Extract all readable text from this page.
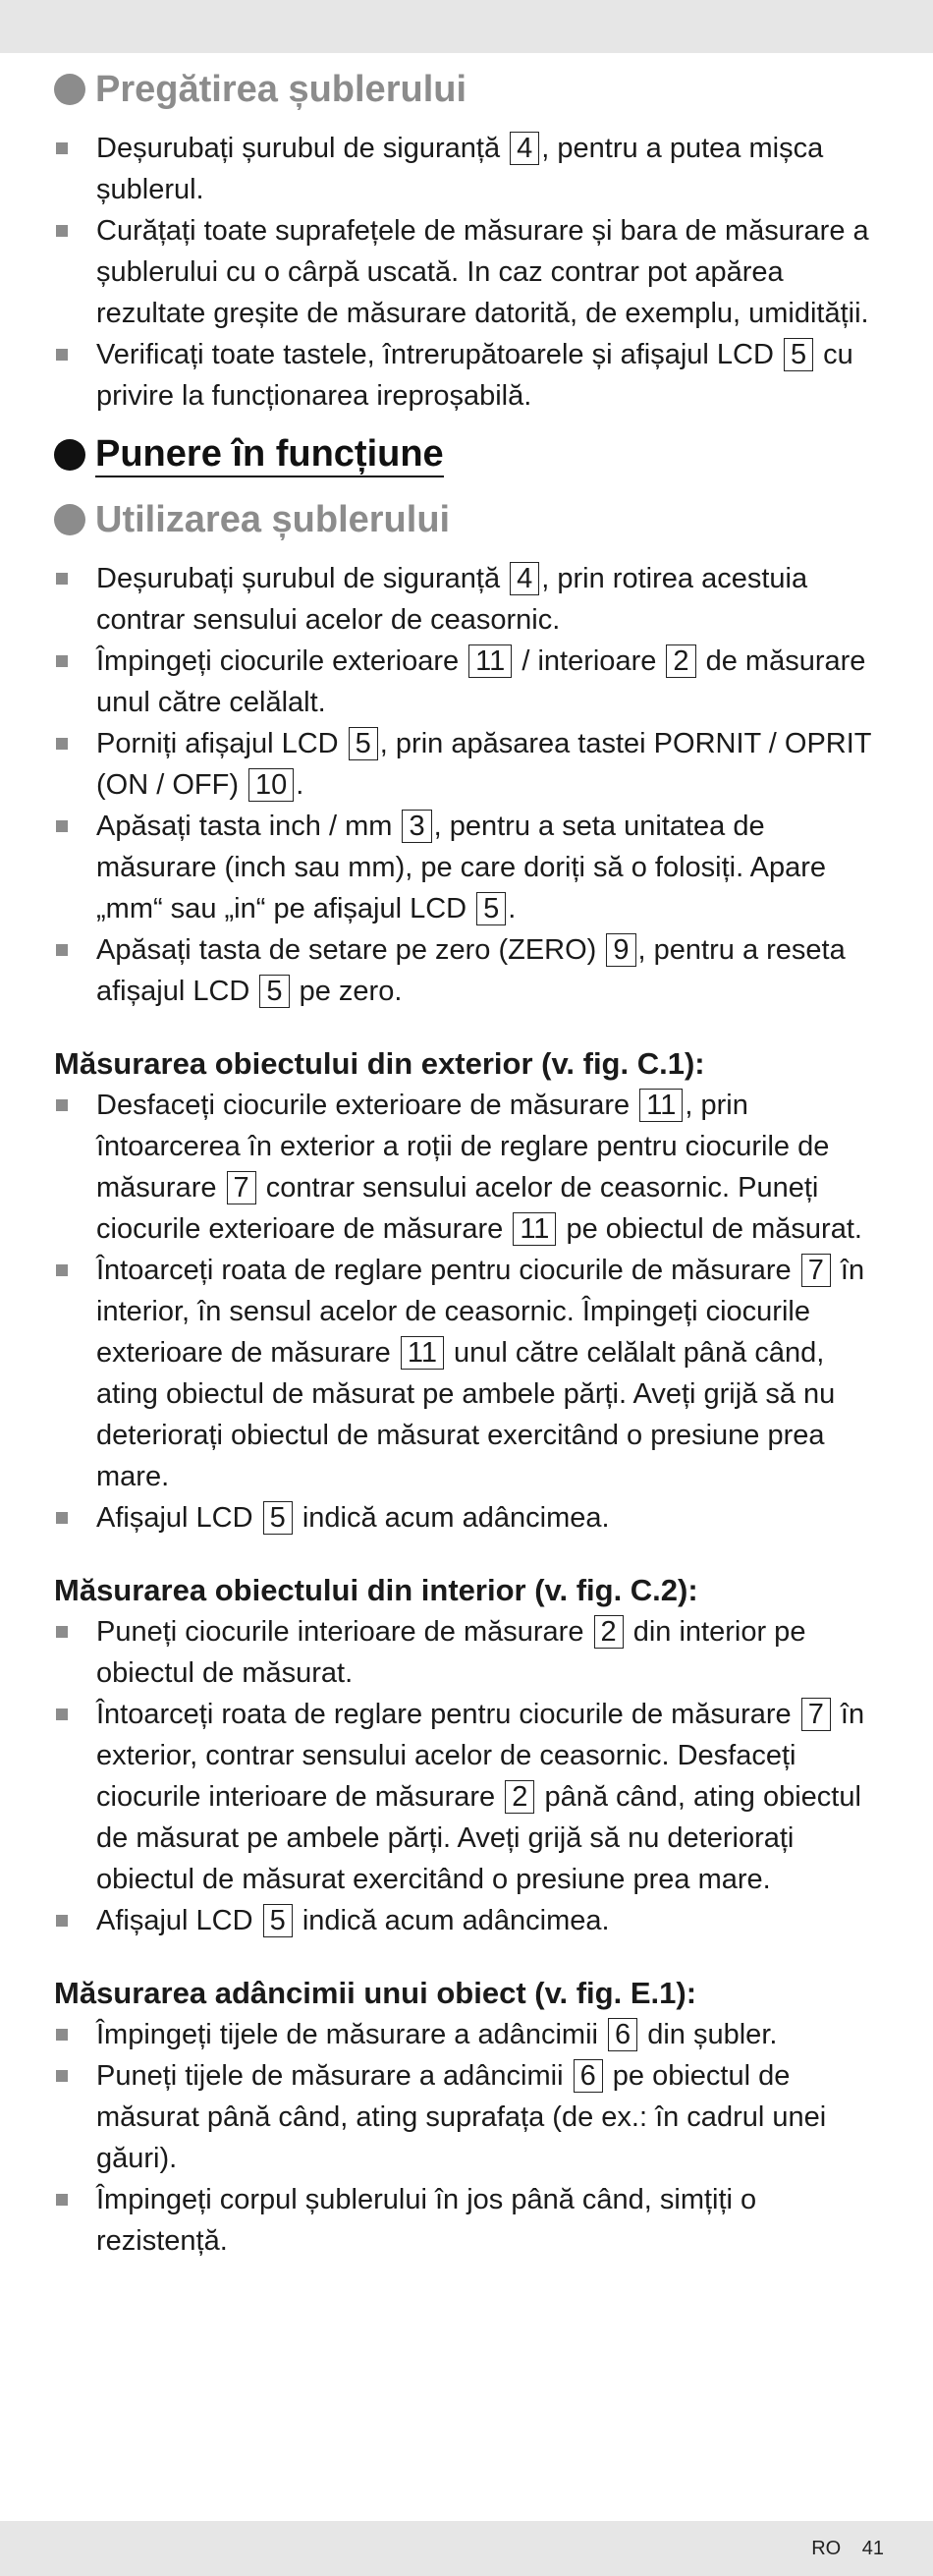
Pregătirea șublerului
Deșurubați șurubul de siguranță 4 , pentru a putea mișca șublerul.
Curățați toate suprafețele de măsurare și bara de măsurare a șublerului cu o cârpă uscată. In caz contrar pot apărea rezultate greșite de măsurare datorită, de exemplu, umidității.
Verificați toate tastele, întrerupătoarele și afișajul LCD 5 cu privire la funcționarea ireproșabilă.
Punere în funcțiune
Utilizarea șublerului
Deșurubați șurubul de siguranță 4 , prin rotirea acestuia contrar sensului acelor de ceasornic.
Împingeți ciocurile exterioare 11 / interioare 2 de măsurare unul către celălalt.
Porniți afișajul LCD 5 , prin apăsarea tastei PORNIT / OPRIT (ON / OFF) 10 .
Apăsați tasta inch / mm 3 , pentru a seta unitatea de măsurare (inch sau mm), pe care doriți să o folosiți. Apare „mm“ sau „in“ pe afișajul LCD 5 .
Apăsați tasta de setare pe zero (ZERO) 9 , pentru a reseta afișajul LCD 5 pe zero.
Măsurarea obiectului din exterior (v. fig. C.1):
Desfaceți ciocurile exterioare de măsurare 11 , prin întoarcerea în exterior a roții de reglare pentru ciocurile de măsurare 7 contrar sensului acelor de ceasornic. Puneți ciocurile exterioare de măsurare 11 pe obiectul de măsurat.
Întoarceți roata de reglare pentru ciocurile de măsurare 7 în interior, în sensul acelor de ceasornic. Împingeți ciocurile exterioare de măsurare 11 unul către celălalt până când, ating obiectul de măsurat pe ambele părți. Aveți grijă să nu deteriorați obiectul de măsurat exercitând o presiune prea mare.
Afișajul LCD 5 indică acum adâncimea.
Măsurarea obiectului din interior (v. fig. C.2):
Puneți ciocurile interioare de măsurare 2 din interior pe obiectul de măsurat.
Întoarceți roata de reglare pentru ciocurile de măsurare 7 în exterior, contrar sensului acelor de ceasornic. Desfaceți ciocurile interioare de măsurare 2 până când, ating obiectul de măsurat pe ambele părți. Aveți grijă să nu deteriorați obiectul de măsurat exercitând o presiune prea mare.
Afișajul LCD 5 indică acum adâncimea.
Măsurarea adâncimii unui obiect (v. fig. E.1):
Împingeți tijele de măsurare a adâncimii 6 din șubler.
Puneți tijele de măsurare a adâncimii 6 pe obiectul de măsurat până când, ating suprafața (de ex.: în cadrul unei găuri).
Împingeți corpul șublerului în jos până când, simțiți o rezistență.
RO 41
